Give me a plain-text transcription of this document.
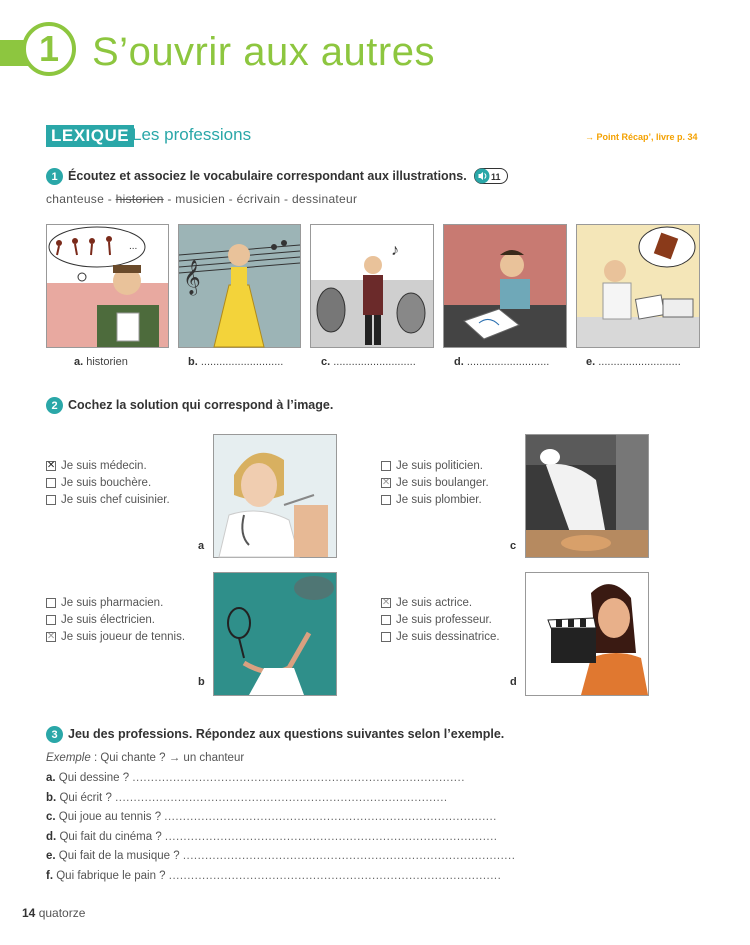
1 S’ouvrir aux autres
LEXIQUE Les professions	→ Point Récap’, livre p. 34
1 Écoutez et associez le vocabulaire correspondant aux illustrations.	11
chanteuse - historien - musicien - écrivain - dessinateur
...
𝄞
♪
a. historien	b. ...........................	c. ...........................	d. ...........................	e. ...........................
2 Cochez la solution qui correspond à l’image.
✕ Je suis médecin.
Je suis bouchère.
Je suis chef cuisinier.
a
Je suis politicien.
✕ Je suis boulanger.
Je suis plombier.
c
Je suis pharmacien.
Je suis électricien.
✕ Je suis joueur de tennis.
b
✕ Je suis actrice.
Je suis professeur.
Je suis dessinatrice.
d
3 Jeu des professions. Répondez aux questions suivantes selon l’exemple.
Exemple : Qui chante ? → un chanteur
a. Qui dessine ? ..........................................................................................
b. Qui écrit ? ..........................................................................................
c. Qui joue au tennis ? ..........................................................................................
d. Qui fait du cinéma ? ..........................................................................................
e. Qui fait de la musique ? ..........................................................................................
f. Qui fabrique le pain ? ..........................................................................................
14 quatorze
